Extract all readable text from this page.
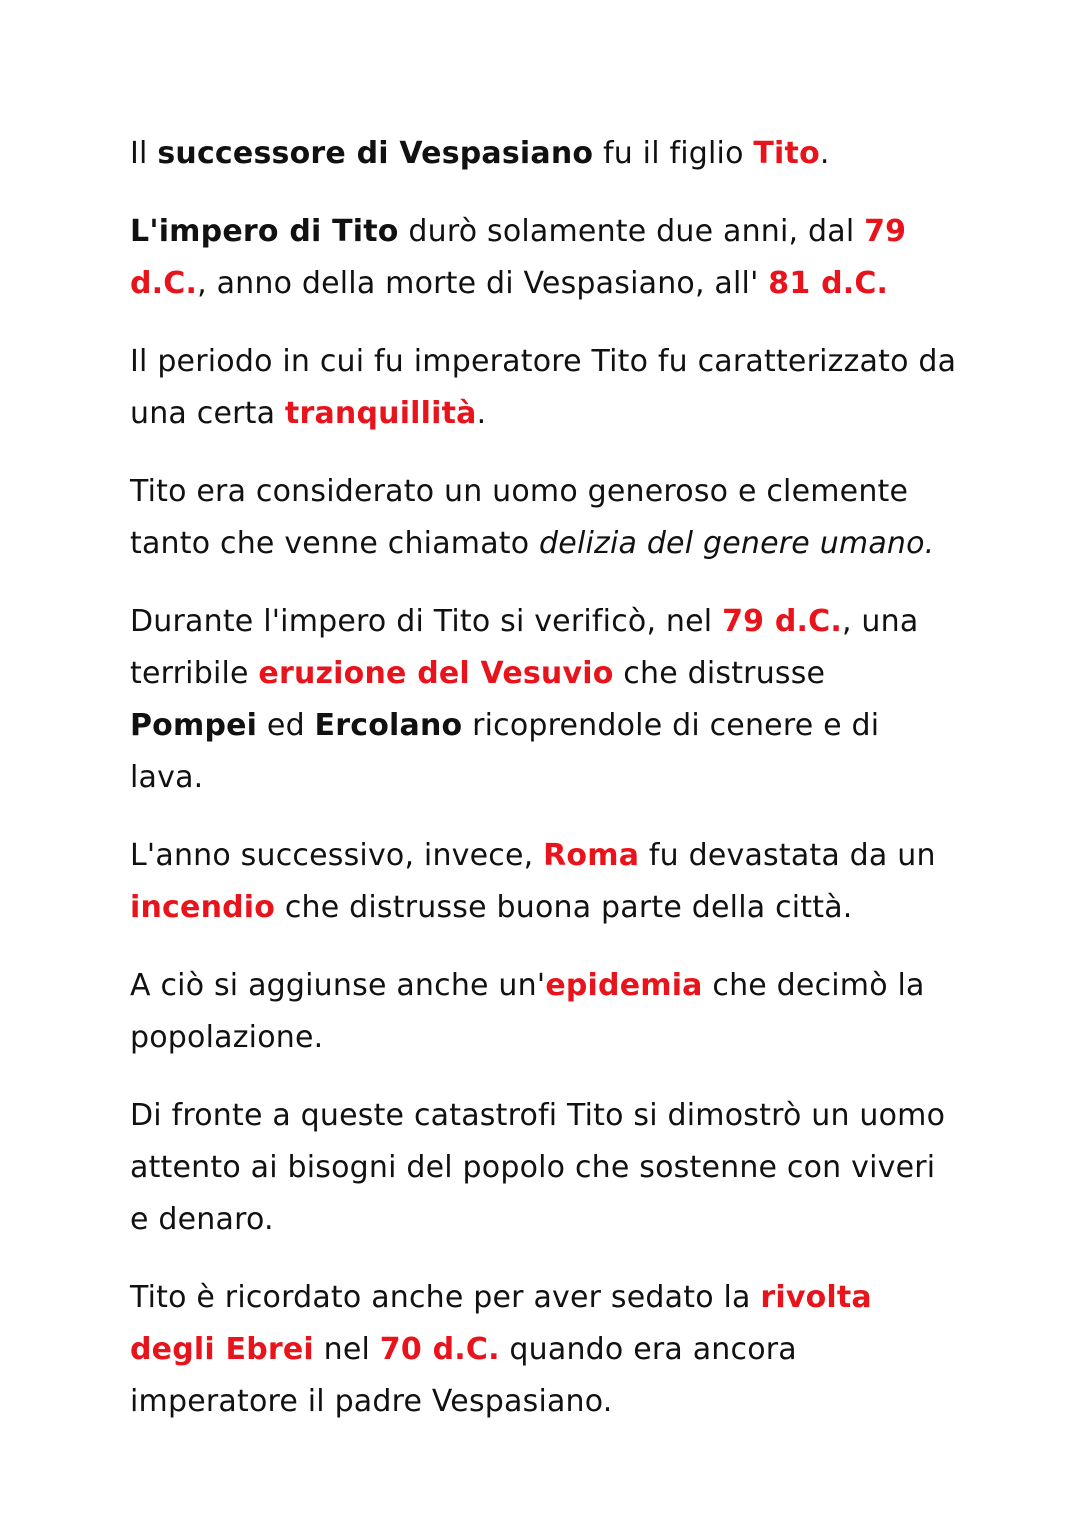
Il successore di Vespasiano fu il figlio Tito.

L'impero di Tito durò solamente due anni, dal 79 d.C., anno della morte di Vespasiano, all' 81 d.C.

Il periodo in cui fu imperatore Tito fu caratterizzato da una certa tranquillità.

Tito era considerato un uomo generoso e clemente tanto che venne chiamato delizia del genere umano.

Durante l'impero di Tito si verificò, nel 79 d.C., una terribile eruzione del Vesuvio che distrusse Pompei ed Ercolano ricoprendole di cenere e di lava.

L'anno successivo, invece, Roma fu devastata da un incendio che distrusse buona parte della città.

A ciò si aggiunse anche un'epidemia che decimò la popolazione.

Di fronte a queste catastrofi Tito si dimostrò un uomo attento ai bisogni del popolo che sostenne con viveri e denaro.

Tito è ricordato anche per aver sedato la rivolta degli Ebrei nel 70 d.C. quando era ancora imperatore il padre Vespasiano.
